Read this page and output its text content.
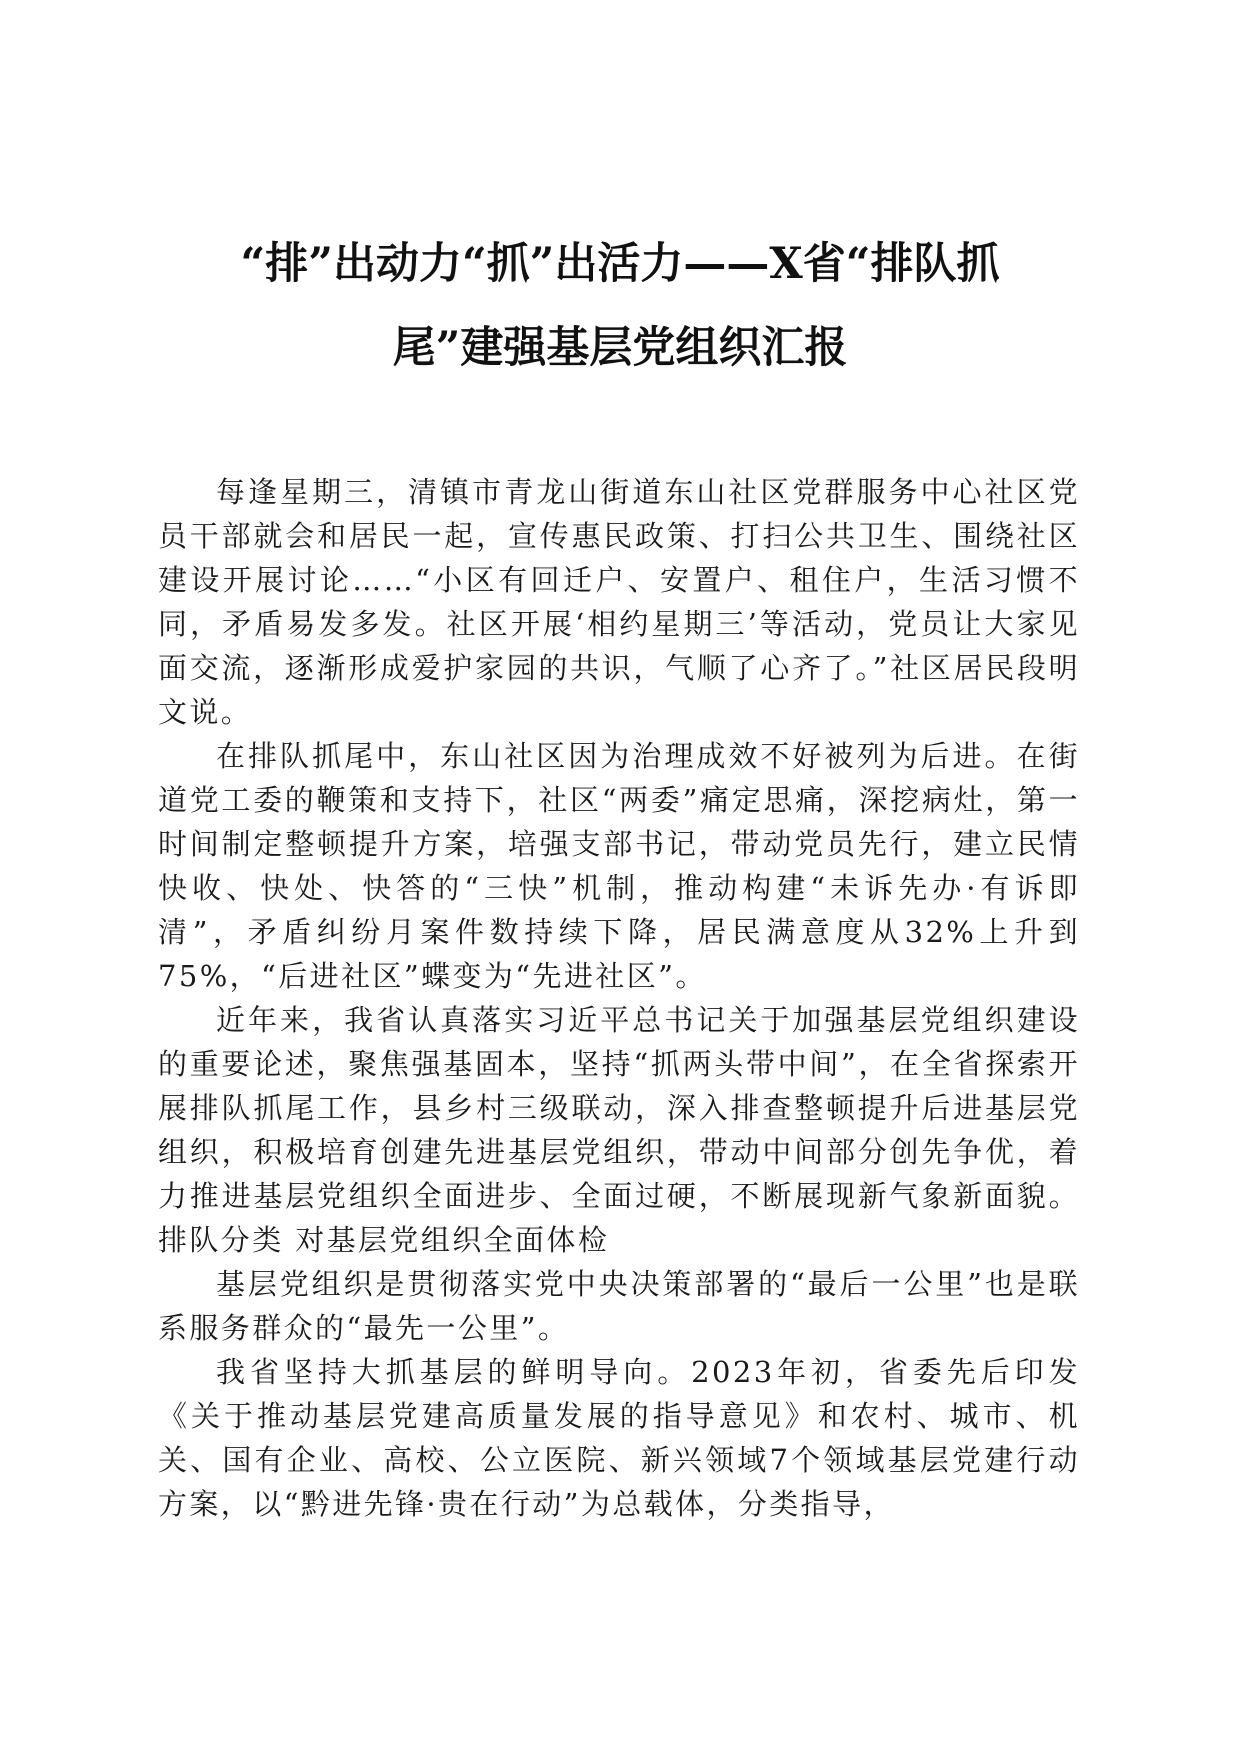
“排”出动力“抓”出活力——X省“排队抓
尾”建强基层党组织汇报

每逢星期三，清镇市青龙山街道东山社区党群服务中心社区党员干部就会和居民一起，宣传惠民政策、打扫公共卫生、围绕社区建设开展讨论……“小区有回迁户、安置户、租住户，生活习惯不同，矛盾易发多发。社区开展‘相约星期三’等活动，党员让大家见面交流，逐渐形成爱护家园的共识，气顺了心齐了。”社区居民段明文说。

在排队抓尾中，东山社区因为治理成效不好被列为后进。在街道党工委的鞭策和支持下，社区“两委”痛定思痛，深挖病灶，第一时间制定整顿提升方案，培强支部书记，带动党员先行，建立民情快收、快处、快答的“三快”机制，推动构建“未诉先办·有诉即清”，矛盾纠纷月案件数持续下降，居民满意度从32%上升到75%，“后进社区”蝶变为“先进社区”。

近年来，我省认真落实习近平总书记关于加强基层党组织建设的重要论述，聚焦强基固本，坚持“抓两头带中间”，在全省探索开展排队抓尾工作，县乡村三级联动，深入排查整顿提升后进基层党组织，积极培育创建先进基层党组织，带动中间部分创先争优，着力推进基层党组织全面进步、全面过硬，不断展现新气象新面貌。排队分类 对基层党组织全面体检

基层党组织是贯彻落实党中央决策部署的“最后一公里”也是联系服务群众的“最先一公里”。

我省坚持大抓基层的鲜明导向。2023年初，省委先后印发《关于推动基层党建高质量发展的指导意见》和农村、城市、机关、国有企业、高校、公立医院、新兴领域7个领域基层党建行动方案，以“黔进先锋·贵在行动”为总载体，分类指导，
